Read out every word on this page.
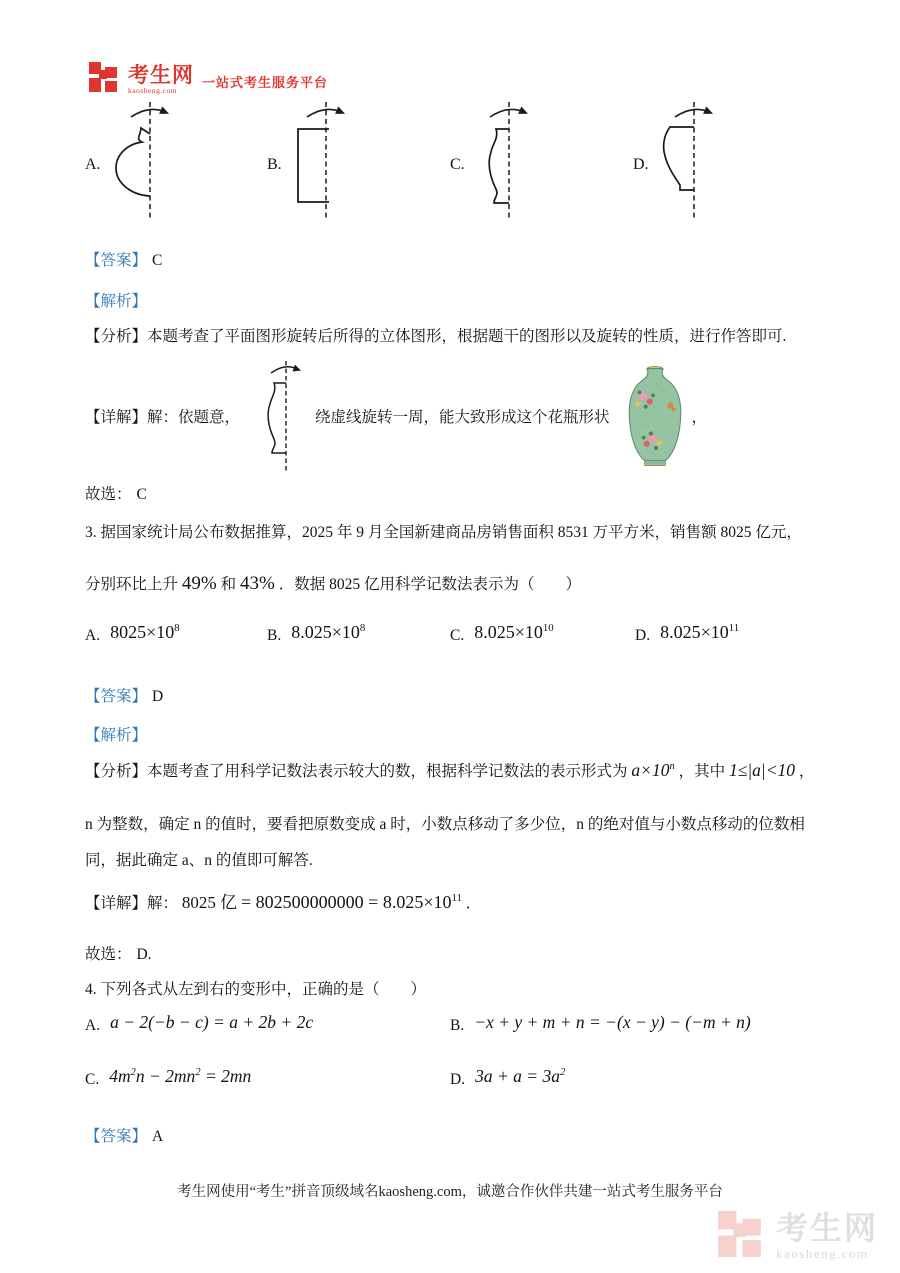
考生网
kaosheng.com	一站式考生服务平台
A.	B.	C.	D.
【答案】 C
【解析】
【分析】本题考查了平面图形旋转后所得的立体图形，根据题干的图形以及旋转的性质，进行作答即可.
【详解】解：依题意，	绕虚线旋转一周，能大致形成这个花瓶形状	，
故选： C
3. 据国家统计局公布数据推算，2025 年 9 月全国新建商品房销售面积 8531 万平方米，销售额 8025 亿元，
分别环比上升 49% 和 43% ．数据 8025 亿用科学记数法表示为（　　）
A. $8025\times 10^8$	B. $8.025\times 10^8$	C. $8.025\times 10^{10}$	D. $8.025\times 10^{11}$
【答案】 D
【解析】
【分析】本题考查了用科学记数法表示较大的数，根据科学记数法的表示形式为 $a\times 10^n$ ，其中 1≤|a|<10 ，
n 为整数，确定 n 的值时，要看把原数变成 a 时，小数点移动了多少位，n 的绝对值与小数点移动的位数相
同，据此确定 a、n 的值即可解答.
【详解】解： 8025 亿 = $802500000000 = 8.025\times 10^{11}$ ．
故选： D.
4. 下列各式从左到右的变形中，正确的是（　　）
A. a − 2(−b − c) = a + 2b + 2c	B. −x + y + m + n = −(x − y) − (−m + n)
C. $4m^2n - 2mn^2 = 2mn$	D. $3a + a = 3a^2$
【答案】 A
考生网使用“考生”拼音顶级域名kaosheng.com，诚邀合作伙伴共建一站式考生服务平台
考生网
kaosheng.com
